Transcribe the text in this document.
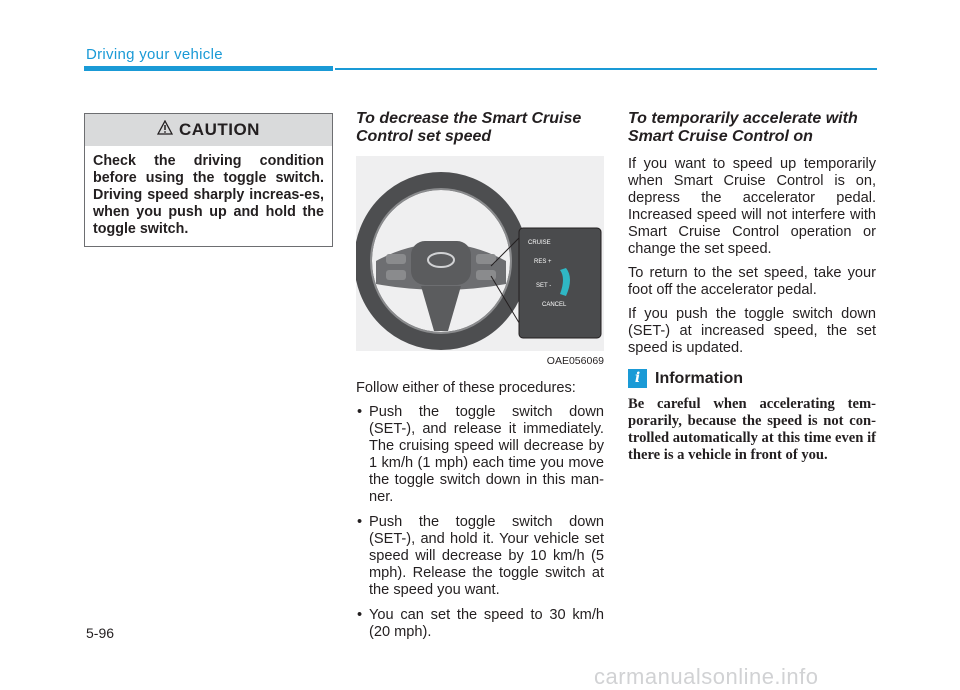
Driving your vehicle
CAUTION
Check the driving condition before using the toggle switch. Driving speed sharply increas-es, when you push up and hold the toggle switch.
To decrease the Smart Cruise Control set speed
CRUISE
RES +
SET -
CANCEL
OAE056069
Follow either of these procedures:
• Push the toggle switch down (SET-), and release it immediately. The cruising speed will decrease by 1 km/h (1 mph) each time you move the toggle switch down in this man-ner.
• Push the toggle switch down (SET-), and hold it. Your vehicle set speed will decrease by 10 km/h (5 mph). Release the toggle switch at the speed you want.
• You can set the speed to 30 km/h (20 mph).
To temporarily accelerate with Smart Cruise Control on
If you want to speed up temporarily when Smart Cruise Control is on, depress the accelerator pedal. Increased speed will not interfere with Smart Cruise Control operation or change the set speed.
To return to the set speed, take your foot off the accelerator pedal.
If you push the toggle switch down (SET-) at increased speed, the set speed is updated.
i Information
Be careful when accelerating tem-porarily, because the speed is not con-trolled automatically at this time even if there is a vehicle in front of you.
5-96
carmanualsonline.info
